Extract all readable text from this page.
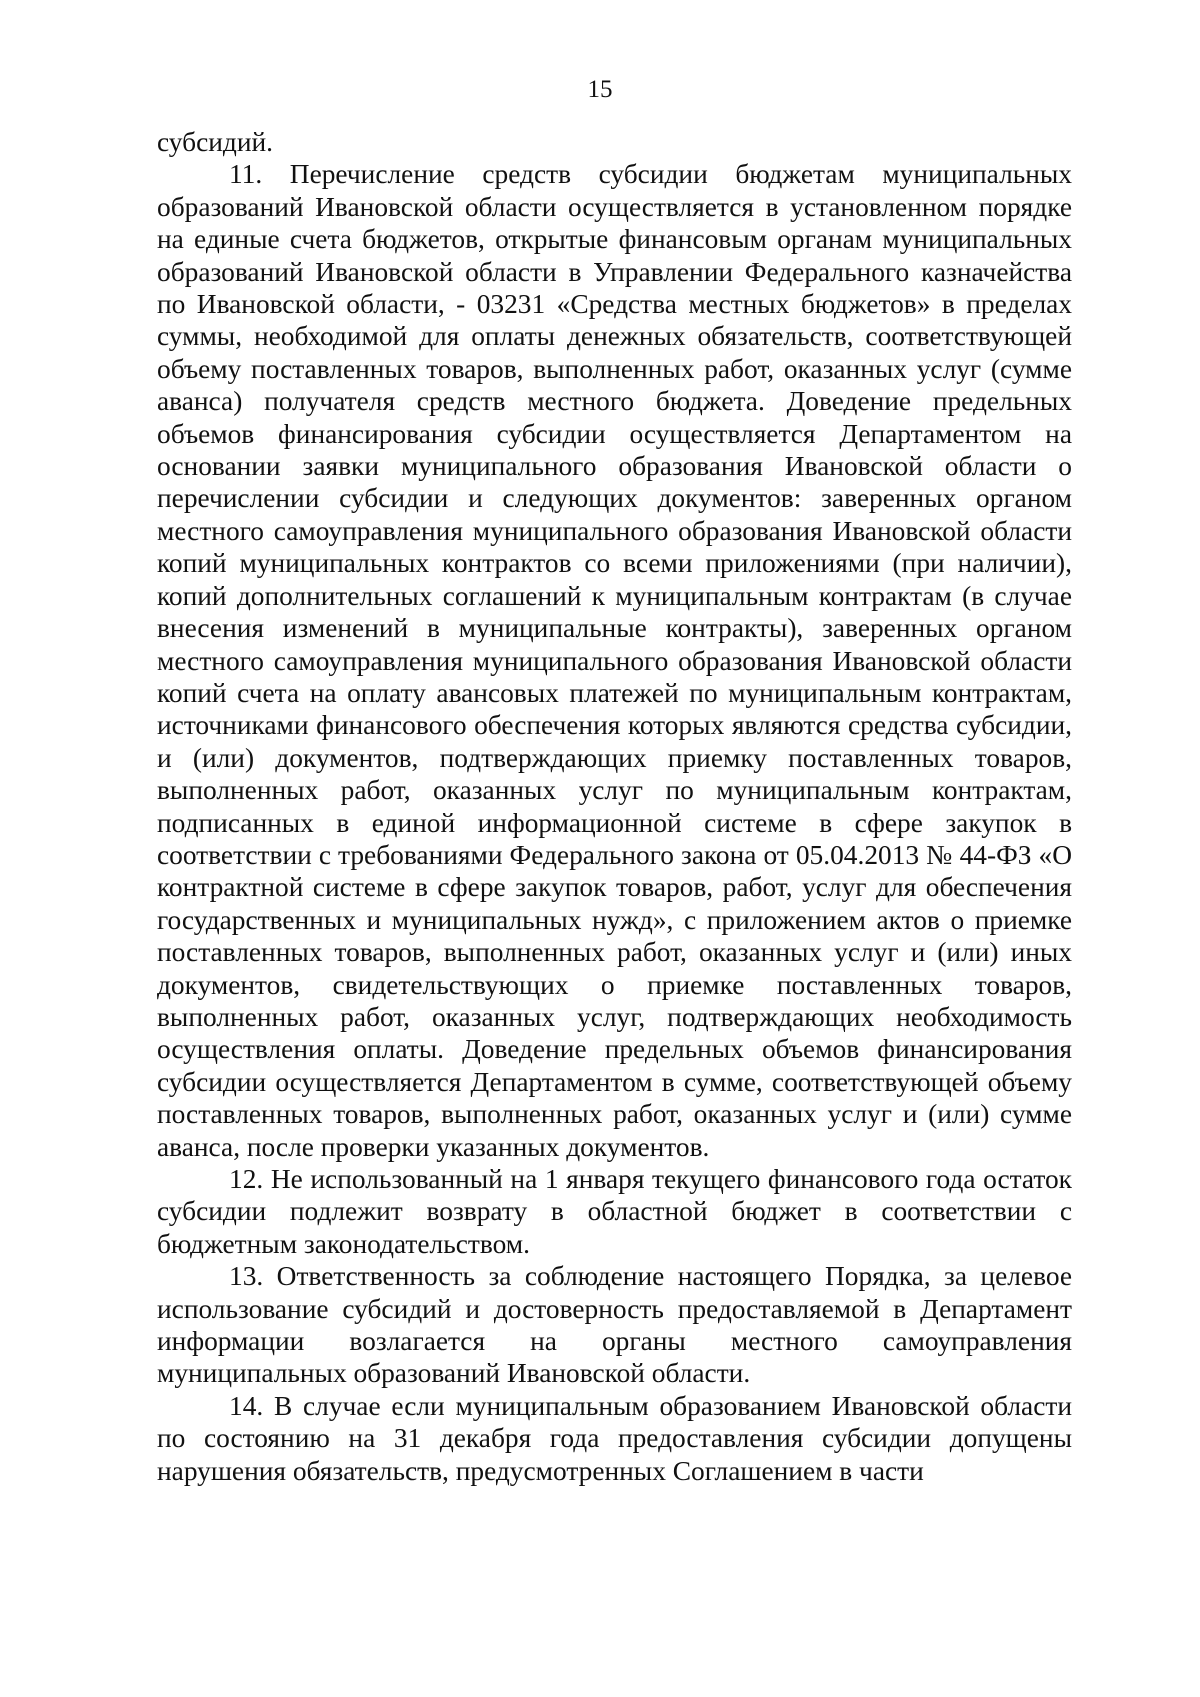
15

субсидий.

11. Перечисление средств субсидии бюджетам муниципальных образований Ивановской области осуществляется в установленном порядке на единые счета бюджетов, открытые финансовым органам муниципальных образований Ивановской области в Управлении Федерального казначейства по Ивановской области, - 03231 «Средства местных бюджетов» в пределах суммы, необходимой для оплаты денежных обязательств, соответствующей объему поставленных товаров, выполненных работ, оказанных услуг (сумме аванса) получателя средств местного бюджета. Доведение предельных объемов финансирования субсидии осуществляется Департаментом на основании заявки муниципального образования Ивановской области о перечислении субсидии и следующих документов: заверенных органом местного самоуправления муниципального образования Ивановской области копий муниципальных контрактов со всеми приложениями (при наличии), копий дополнительных соглашений к муниципальным контрактам (в случае внесения изменений в муниципальные контракты), заверенных органом местного самоуправления муниципального образования Ивановской области копий счета на оплату авансовых платежей по муниципальным контрактам, источниками финансового обеспечения которых являются средства субсидии, и (или) документов, подтверждающих приемку поставленных товаров, выполненных работ, оказанных услуг по муниципальным контрактам, подписанных в единой информационной системе в сфере закупок в соответствии с требованиями Федерального закона от 05.04.2013 № 44-ФЗ «О контрактной системе в сфере закупок товаров, работ, услуг для обеспечения государственных и муниципальных нужд», с приложением актов о приемке поставленных товаров, выполненных работ, оказанных услуг и (или) иных документов, свидетельствующих о приемке поставленных товаров, выполненных работ, оказанных услуг, подтверждающих необходимость осуществления оплаты. Доведение предельных объемов финансирования субсидии осуществляется Департаментом в сумме, соответствующей объему поставленных товаров, выполненных работ, оказанных услуг и (или) сумме аванса, после проверки указанных документов.

12. Не использованный на 1 января текущего финансового года остаток субсидии подлежит возврату в областной бюджет в соответствии с бюджетным законодательством.

13. Ответственность за соблюдение настоящего Порядка, за целевое использование субсидий и достоверность предоставляемой в Департамент информации возлагается на органы местного самоуправления муниципальных образований Ивановской области.

14. В случае если муниципальным образованием Ивановской области по состоянию на 31 декабря года предоставления субсидии допущены нарушения обязательств, предусмотренных Соглашением в части
